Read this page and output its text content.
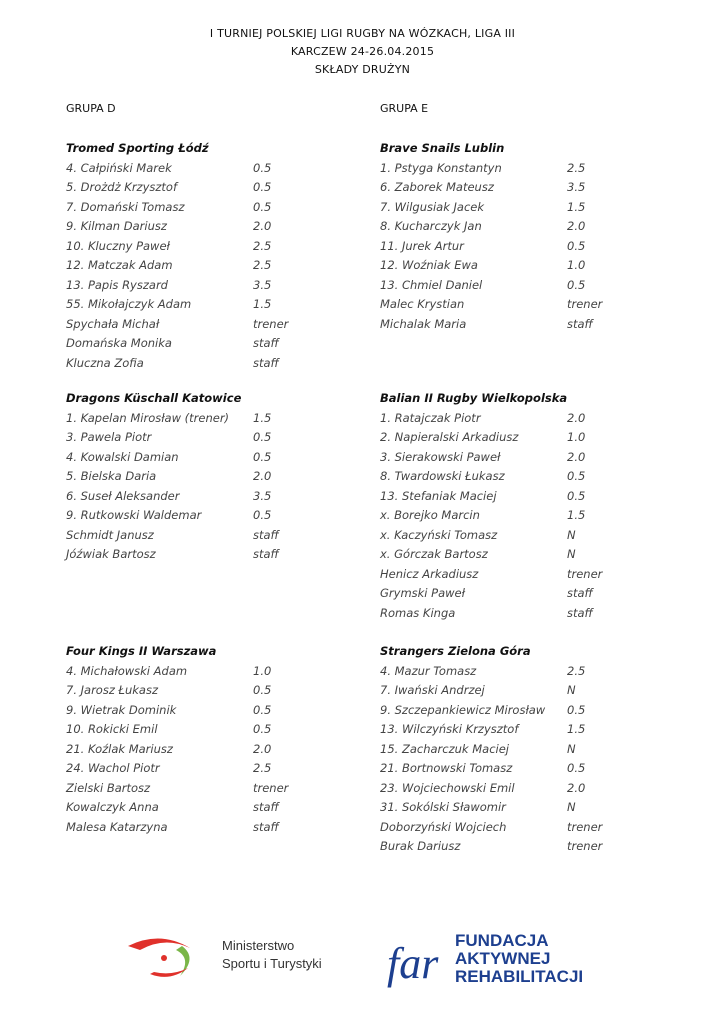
I TURNIEJ POLSKIEJ LIGI RUGBY NA WÓZKACH, LIGA III
KARCZEW 24-26.04.2015
SKŁADY DRUŻYN
GRUPA D	GRUPA E
Tromed Sporting Łódź
4. Całpiński Marek	0.5
5. Drożdż Krzysztof	0.5
7. Domański Tomasz	0.5
9. Kilman Dariusz	2.0
10. Kluczny Paweł	2.5
12. Matczak Adam	2.5
13. Papis Ryszard	3.5
55. Mikołajczyk Adam	1.5
Spychała Michał	trener
Domańska Monika	staff
Kluczna Zofia	staff
Dragons Küschall Katowice
1. Kapelan Mirosław (trener) 1.5
3. Pawela Piotr	0.5
4. Kowalski Damian	0.5
5. Bielska Daria	2.0
6. Suseł Aleksander	3.5
9. Rutkowski Waldemar	0.5
Schmidt Janusz	staff
Jóźwiak Bartosz	staff
Four Kings II Warszawa
4. Michałowski Adam	1.0
7. Jarosz Łukasz	0.5
9. Wietrak Dominik	0.5
10. Rokicki Emil	0.5
21. Koźlak Mariusz	2.0
24. Wachol Piotr	2.5
Zielski Bartosz	trener
Kowalczyk Anna	staff
Malesa Katarzyna	staff
Brave Snails Lublin
1. Pstyga Konstantyn	2.5
6. Zaborek Mateusz	3.5
7. Wilgusiak Jacek	1.5
8. Kucharczyk Jan	2.0
11. Jurek Artur	0.5
12. Woźniak Ewa	1.0
13. Chmiel Daniel	0.5
Malec Krystian	trener
Michalak Maria	staff
Balian II Rugby Wielkopolska
1. Ratajczak Piotr	2.0
2. Napieralski Arkadiusz	1.0
3. Sierakowski Paweł	2.0
8. Twardowski Łukasz	0.5
13. Stefaniak Maciej	0.5
x. Borejko Marcin	1.5
x. Kaczyński Tomasz	N
x. Górczak Bartosz	N
Henicz Arkadiusz	trener
Grymski Paweł	staff
Romas Kinga	staff
Strangers Zielona Góra
4. Mazur Tomasz	2.5
7. Iwański Andrzej	N
9. Szczepankiewicz Mirosław 0.5
13. Wilczyński Krzysztof	1.5
15. Zacharczuk Maciej	N
21. Bortnowski Tomasz	0.5
23. Wojciechowski Emil	2.0
31. Sokólski Sławomir	N
Doborzyński Wojciech	trener
Burak Dariusz	trener
Ministerstwo
Sportu i Turystyki far FUNDACJA
AKTYWNEJ
REHABILITACJI
